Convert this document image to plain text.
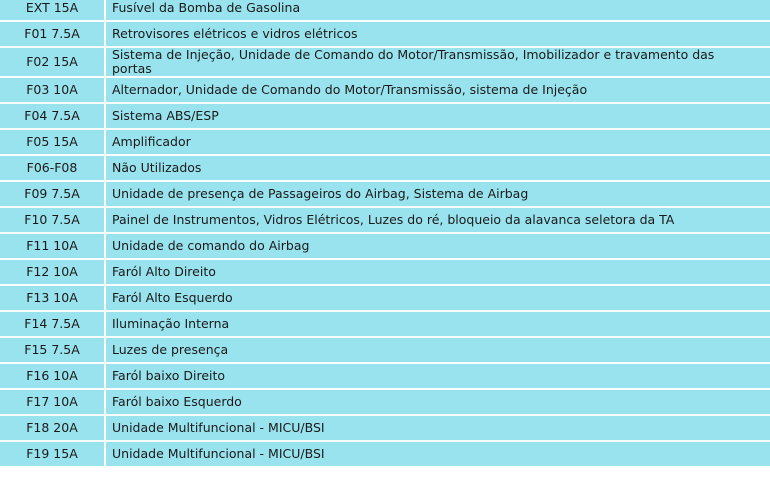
EXT 15A	Fusível da Bomba de Gasolina
F01 7.5A	Retrovisores elétricos e vidros elétricos
F02 15A	Sistema de Injeção, Unidade de Comando do Motor/Transmissão, Imobilizador e travamento das portas
F03 10A	Alternador, Unidade de Comando do Motor/Transmissão, sistema de Injeção
F04 7.5A	Sistema ABS/ESP
F05 15A	Amplificador
F06-F08	Não Utilizados
F09 7.5A	Unidade de presença de Passageiros do Airbag, Sistema de Airbag
F10 7.5A	Painel de Instrumentos, Vidros Elétricos, Luzes do ré, bloqueio da alavanca seletora da TA
F11 10A	Unidade de comando do Airbag
F12 10A	Faról Alto Direito
F13 10A	Faról Alto Esquerdo
F14 7.5A	Iluminação Interna
F15 7.5A	Luzes de presença
F16 10A	Faról baixo Direito
F17 10A	Faról baixo Esquerdo
F18 20A	Unidade Multifuncional - MICU/BSI
F19 15A	Unidade Multifuncional - MICU/BSI
